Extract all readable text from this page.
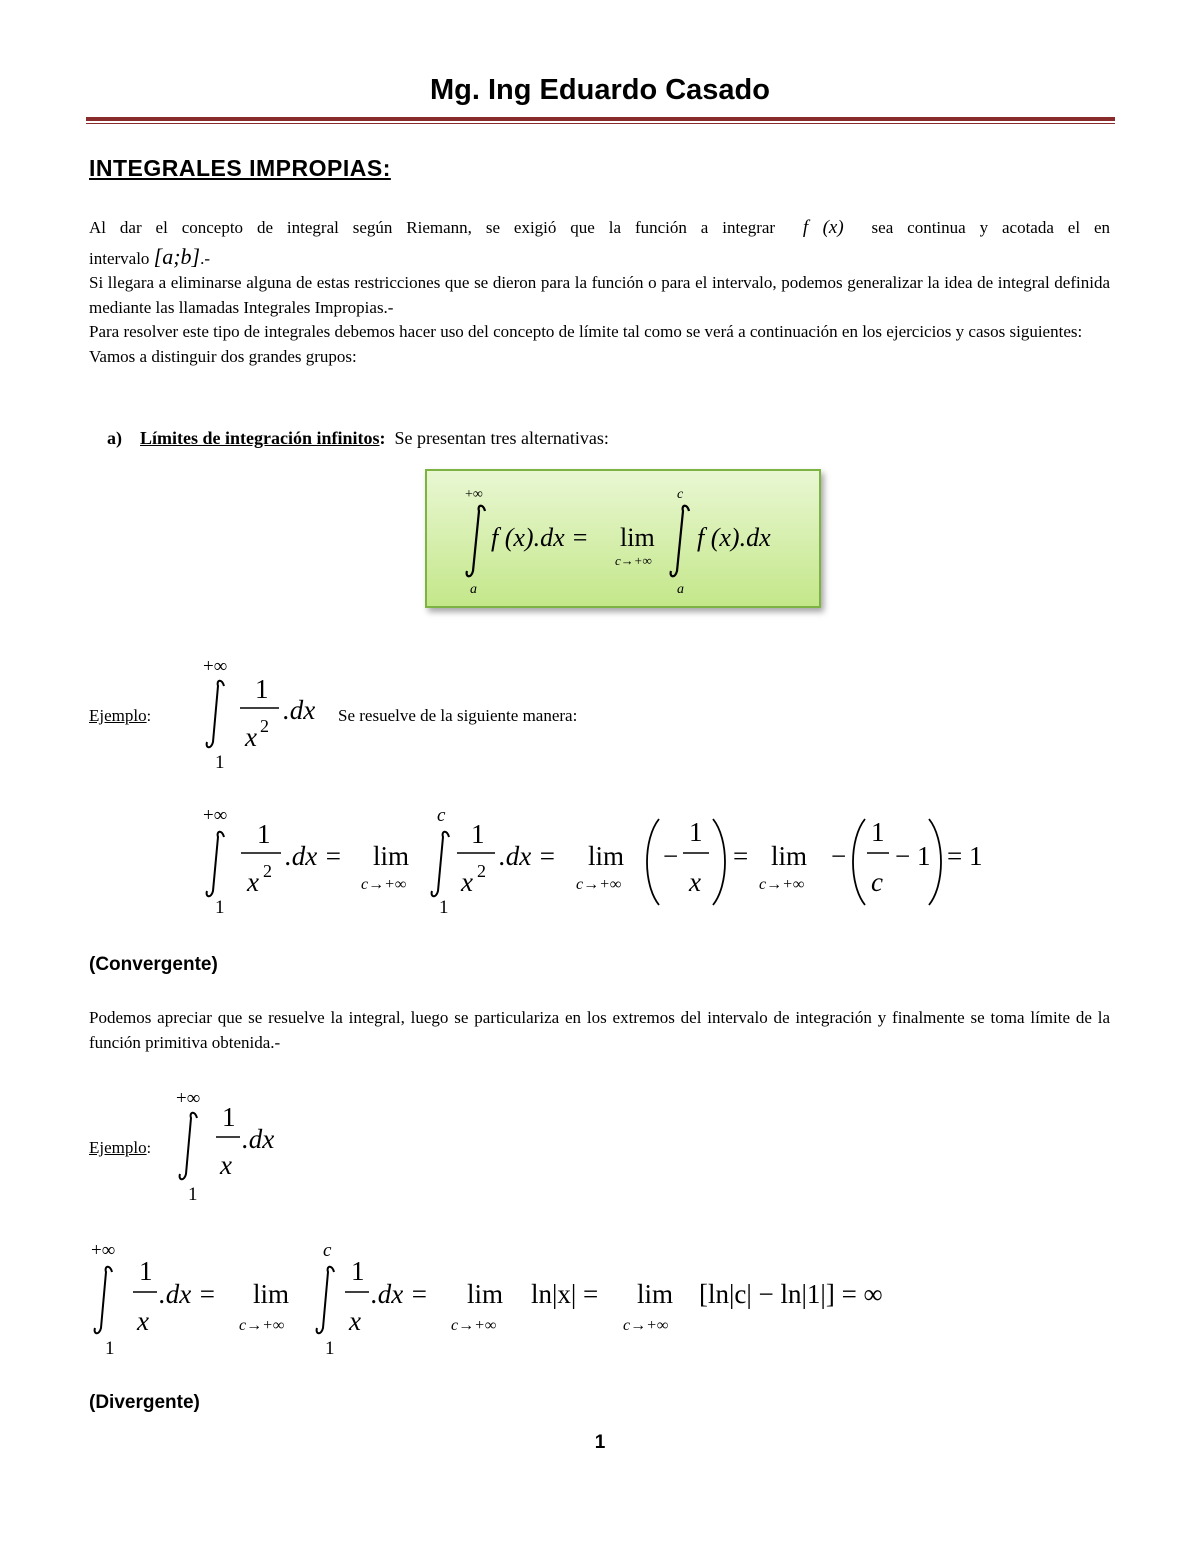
Mg. Ing Eduardo Casado
INTEGRALES IMPROPIAS:

Al dar el concepto de integral según Riemann, se exigió que la función a integrar f (x) sea continua y acotada el en

intervalo [a;b].-

Si llegara a eliminarse alguna de estas restricciones que se dieron para la función o para el intervalo, podemos generalizar la idea de integral definida mediante las llamadas Integrales Impropias.-

Para resolver este tipo de integrales debemos hacer uso del concepto de límite tal como se verá a continuación en los ejercicios y casos siguientes:

Vamos a distinguir dos grandes grupos:

a) Límites de integración infinitos: Se presentan tres alternativas:
+∞
a
f (x).dx = lim
c→+∞
c
a
f (x).dx
Ejemplo:
+∞
1
1
x 2
.dx Se resuelve de la siguiente manera:
+∞
1
1
x 2 .dx = lim
c→+∞
c
1
1
x 2 .dx = lim
c→+∞
−
1
x
= lim
c→+∞
−
1
c
− 1 = 1
(Convergente)
Podemos apreciar que se resuelve la integral, luego se particulariza en los extremos del intervalo de integración y finalmente se toma límite de la función primitiva obtenida.-
Ejemplo:
+∞
1
1
x
.dx
+∞
1
1
x
.dx = lim
c→+∞
c
1
1
x
.dx = lim
c→+∞
ln|x| = lim
c→+∞
[ln|c| − ln|1|] = ∞
(Divergente)
1
